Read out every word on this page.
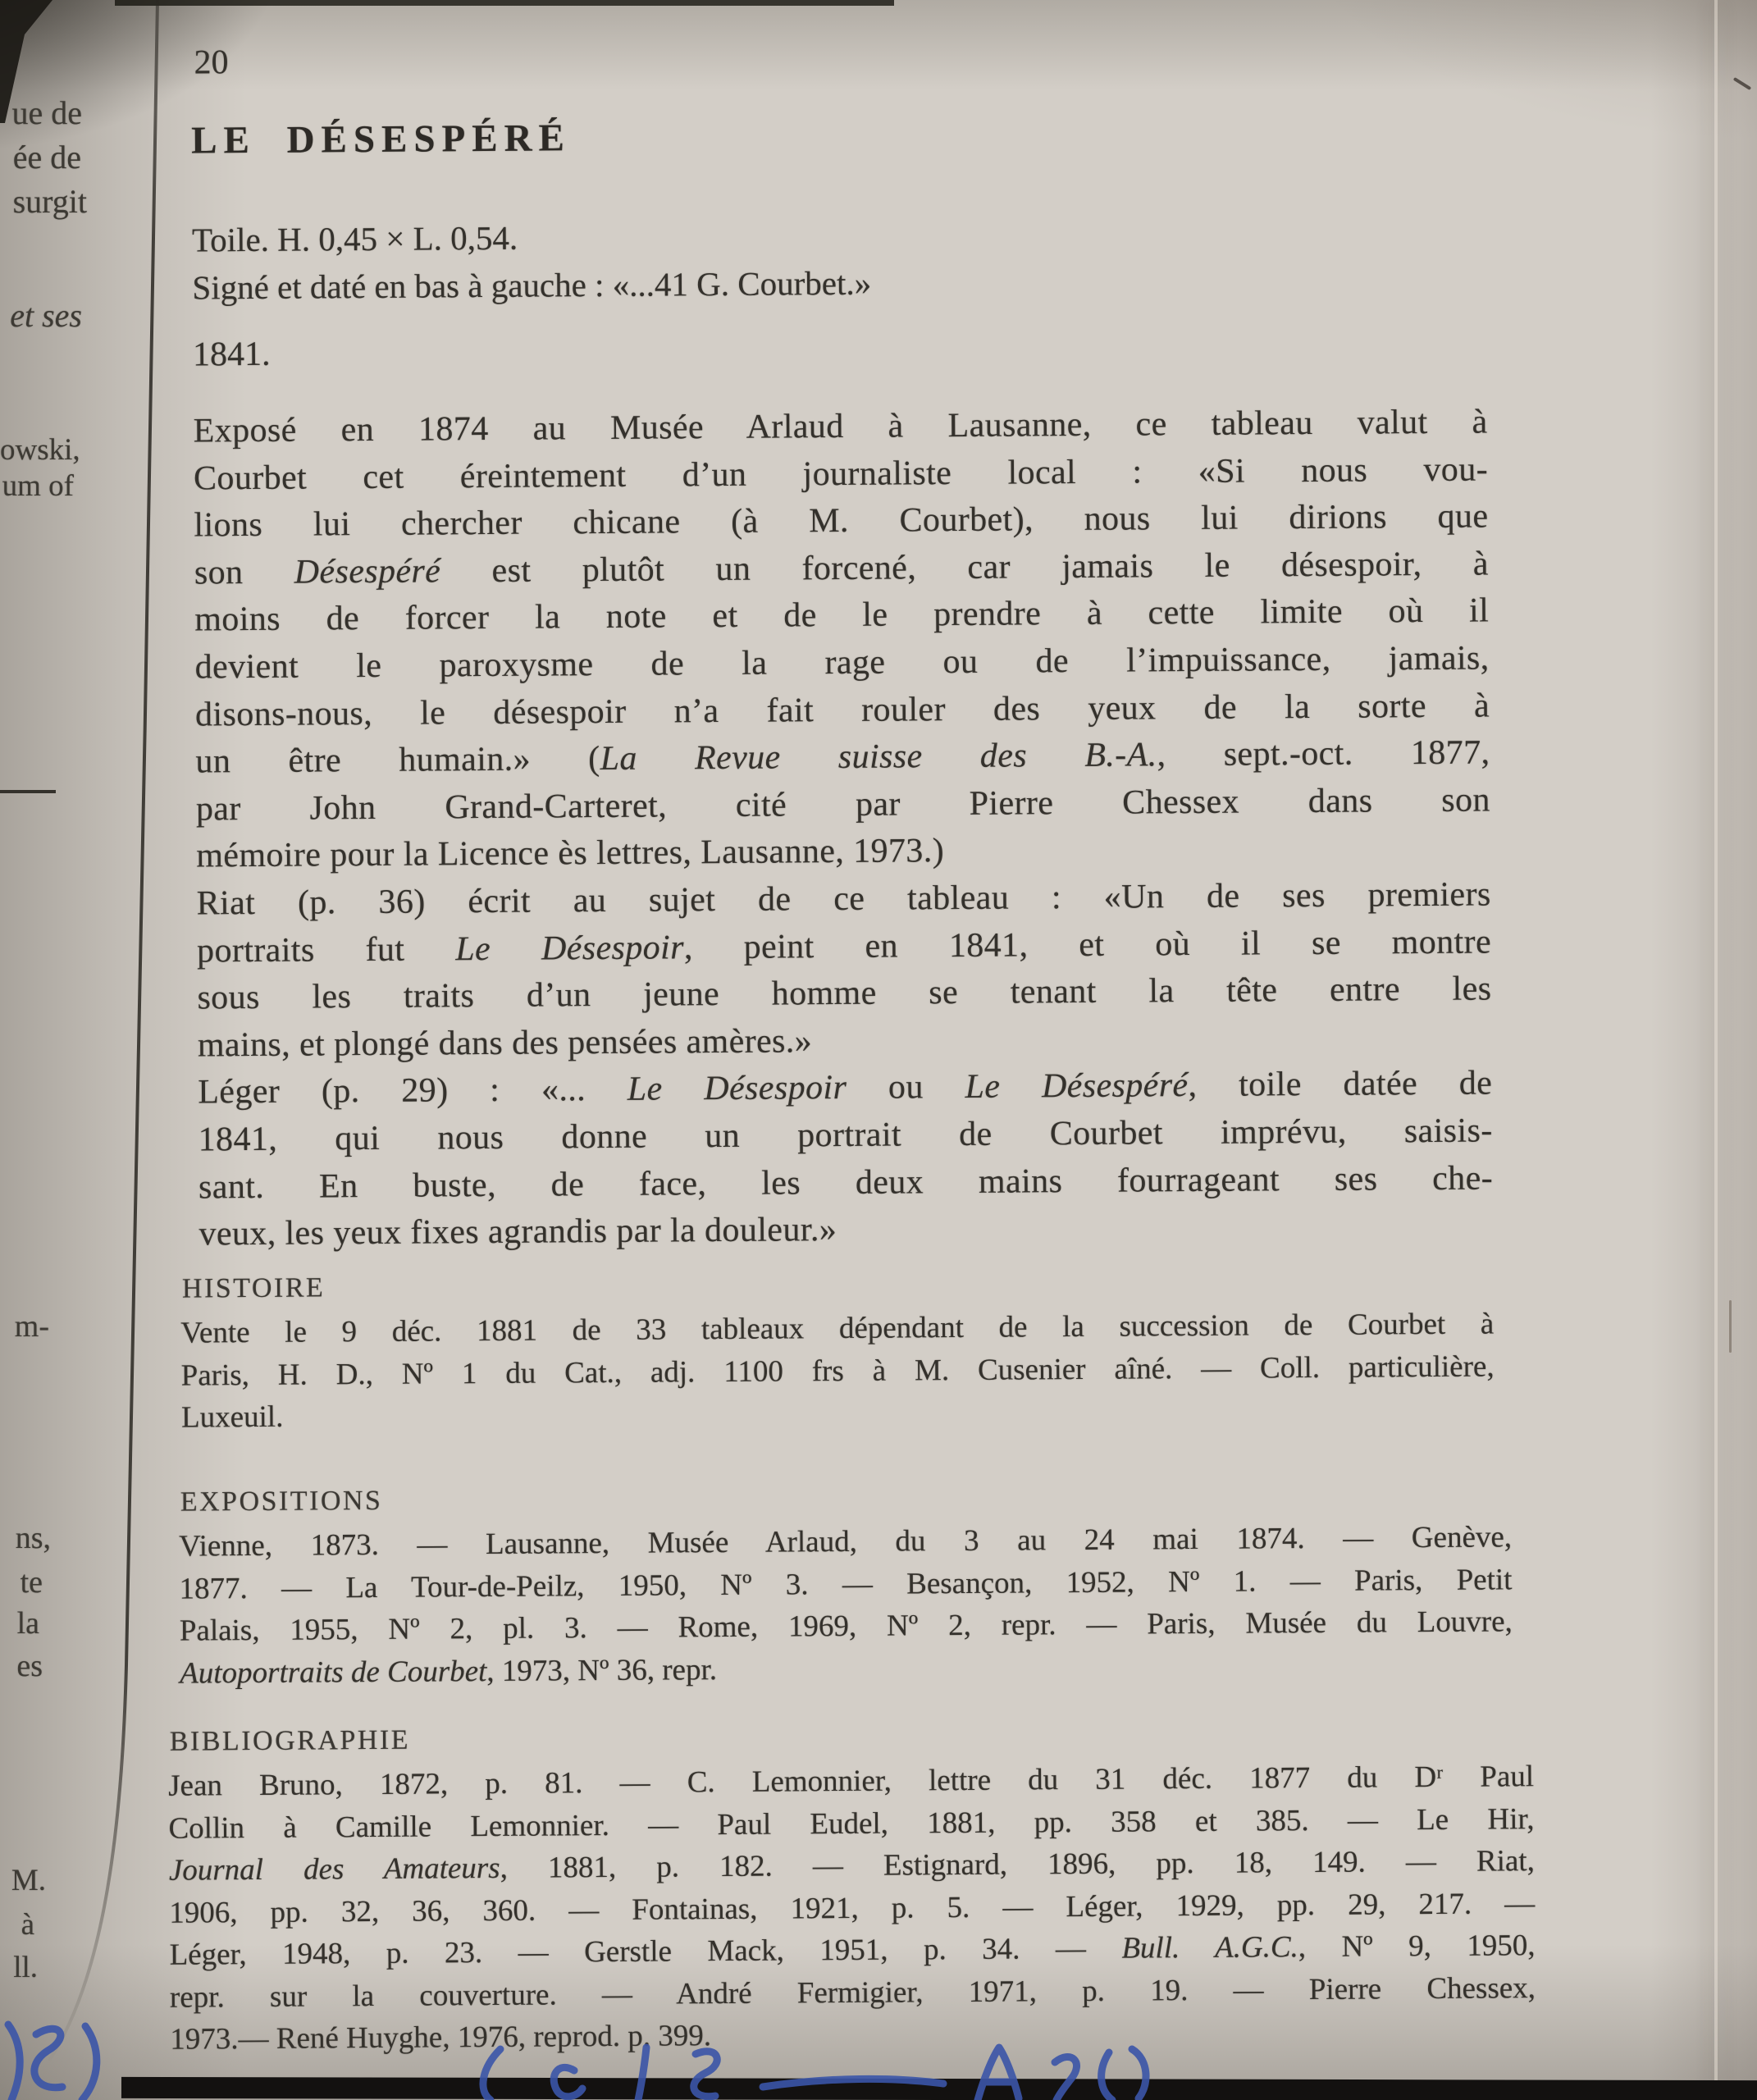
ue de
ée de
surgit
et ses
owski,
um of
m-
ns,
te
la
es
M.
à
ll.
20
LE DÉSESPÉRÉ
Toile. H. 0,45 × L. 0,54.
Signé et daté en bas à gauche : «...41 G. Courbet.»
1841.
Exposé en 1874 au Musée Arlaud à Lausanne, ce tableau valut à
Courbet cet éreintement d’un journaliste local : «Si nous vou-
lions lui chercher chicane (à M. Courbet), nous lui dirions que
son Désespéré est plutôt un forcené, car jamais le désespoir, à
moins de forcer la note et de le prendre à cette limite où il
devient le paroxysme de la rage ou de l’impuissance, jamais,
disons-nous, le désespoir n’a fait rouler des yeux de la sorte à
un être humain.» (La Revue suisse des B.-A., sept.-oct. 1877,
par John Grand-Carteret, cité par Pierre Chessex dans son
mémoire pour la Licence ès lettres, Lausanne, 1973.)
Riat (p. 36) écrit au sujet de ce tableau : «Un de ses premiers
portraits fut Le Désespoir, peint en 1841, et où il se montre
sous les traits d’un jeune homme se tenant la tête entre les
mains, et plongé dans des pensées amères.»
Léger (p. 29) : «... Le Désespoir ou Le Désespéré, toile datée de
1841, qui nous donne un portrait de Courbet imprévu, saisis-
sant. En buste, de face, les deux mains fourrageant ses che-
veux, les yeux fixes agrandis par la douleur.»
HISTOIRE
Vente le 9 déc. 1881 de 33 tableaux dépendant de la succession de Courbet à
Paris, H. D., Nº 1 du Cat., adj. 1100 frs à M. Cusenier aîné. — Coll. particulière,
Luxeuil.
EXPOSITIONS
Vienne, 1873. — Lausanne, Musée Arlaud, du 3 au 24 mai 1874. — Genève,
1877. — La Tour-de-Peilz, 1950, Nº 3. — Besançon, 1952, Nº 1. — Paris, Petit
Palais, 1955, Nº 2, pl. 3. — Rome, 1969, Nº 2, repr. — Paris, Musée du Louvre,
Autoportraits de Courbet, 1973, Nº 36, repr.
BIBLIOGRAPHIE
Jean Bruno, 1872, p. 81. — C. Lemonnier, lettre du 31 déc. 1877 du Dʳ Paul
Collin à Camille Lemonnier. — Paul Eudel, 1881, pp. 358 et 385. — Le Hir,
Journal des Amateurs, 1881, p. 182. — Estignard, 1896, pp. 18, 149. — Riat,
1906, pp. 32, 36, 360. — Fontainas, 1921, p. 5. — Léger, 1929, pp. 29, 217. —
Léger, 1948, p. 23. — Gerstle Mack, 1951, p. 34. — Bull. A.G.C., Nº 9, 1950,
repr. sur la couverture. — André Fermigier, 1971, p. 19. — Pierre Chessex,
1973.— René Huyghe, 1976, reprod. p. 399.
